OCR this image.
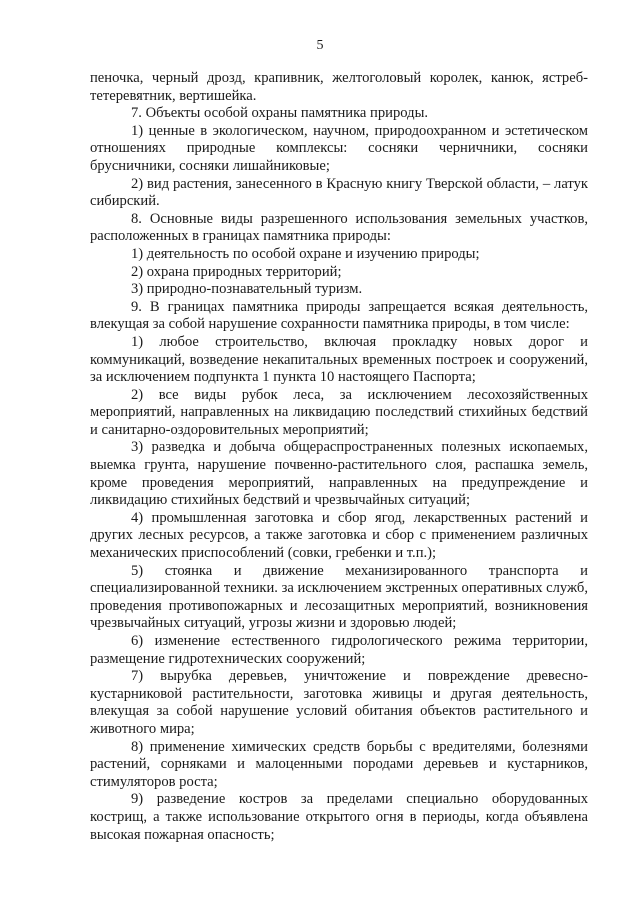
5

пеночка, черный дрозд, крапивник, желтоголовый королек, канюк, ястреб-тетеревятник, вертишейка.

7. Объекты особой охраны памятника природы.

1) ценные в экологическом, научном, природоохранном и эстетическом отношениях природные комплексы: сосняки черничники, сосняки брусничники, сосняки лишайниковые;

2) вид растения, занесенного в Красную книгу Тверской области, – латук сибирский.

8. Основные виды разрешенного использования земельных участков, расположенных в границах памятника природы:

1) деятельность по особой охране и изучению природы;

2) охрана природных территорий;

3) природно-познавательный туризм.

9. В границах памятника природы запрещается всякая деятельность, влекущая за собой нарушение сохранности памятника природы, в том числе:

1) любое строительство, включая прокладку новых дорог и коммуникаций, возведение некапитальных временных построек и сооружений, за исключением подпункта 1 пункта 10 настоящего Паспорта;

2) все виды рубок леса, за исключением лесохозяйственных мероприятий, направленных на ликвидацию последствий стихийных бедствий и санитарно-оздоровительных мероприятий;

3) разведка и добыча общераспространенных полезных ископаемых, выемка грунта, нарушение почвенно-растительного слоя, распашка земель, кроме проведения мероприятий, направленных на предупреждение и ликвидацию стихийных бедствий и чрезвычайных ситуаций;

4) промышленная заготовка и сбор ягод, лекарственных растений и других лесных ресурсов, а также заготовка и сбор с применением различных механических приспособлений (совки, гребенки и т.п.);

5) стоянка и движение механизированного транспорта и специализированной техники. за исключением экстренных оперативных служб, проведения противопожарных и лесозащитных мероприятий, возникновения чрезвычайных ситуаций, угрозы жизни и здоровью людей;

6) изменение естественного гидрологического режима территории, размещение гидротехнических сооружений;

7) вырубка деревьев, уничтожение и повреждение древесно-кустарниковой растительности, заготовка живицы и другая деятельность, влекущая за собой нарушение условий обитания объектов растительного и животного мира;

8) применение химических средств борьбы с вредителями, болезнями растений, сорняками и малоценными породами деревьев и кустарников, стимуляторов роста;

9) разведение костров за пределами специально оборудованных кострищ, а также использование открытого огня в периоды, когда объявлена высокая пожарная опасность;
